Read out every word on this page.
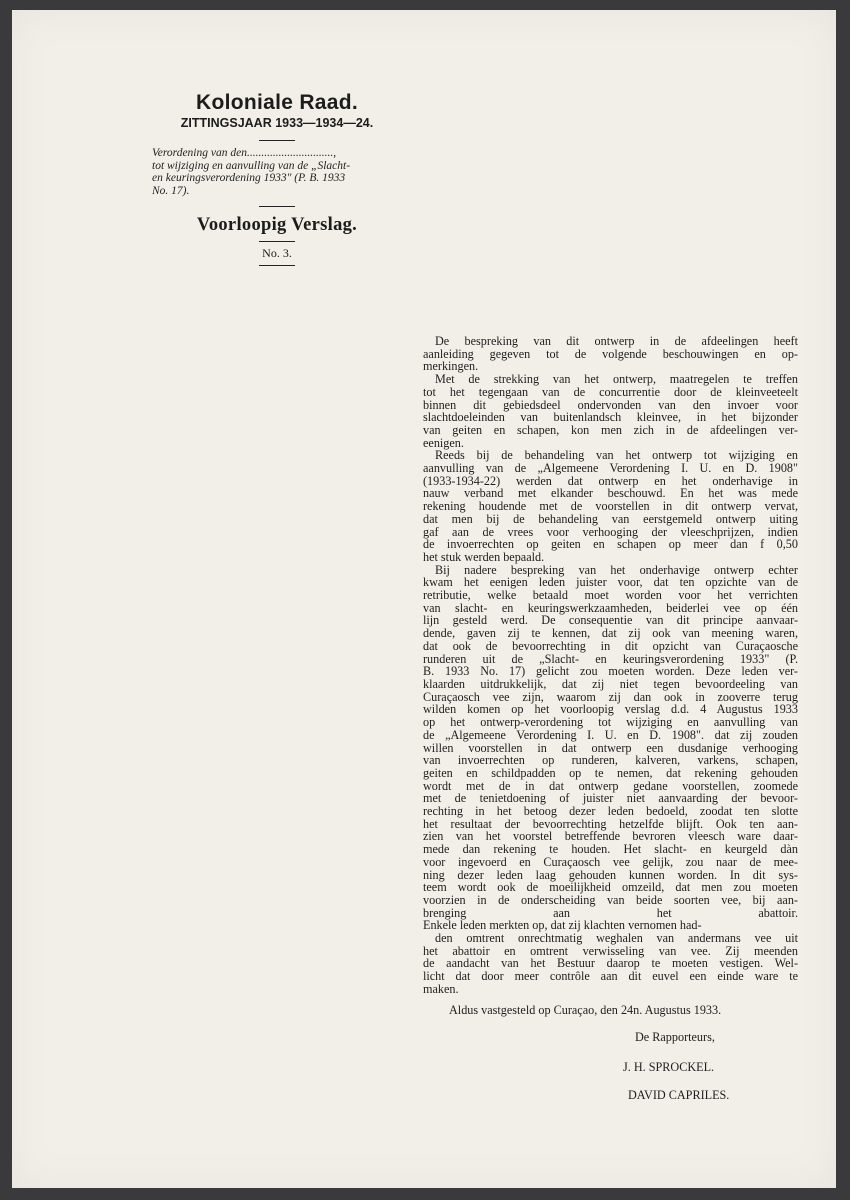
Koloniale Raad.
ZITTINGSJAAR 1933—1934—24.
Verordening van den..............................,
tot wijziging en aanvulling van de „Slacht-
en keuringsverordening 1933" (P. B. 1933
No. 17).
Voorloopig Verslag.
No. 3.
De bespreking van dit ontwerp in de afdeelingen heeft
aanleiding gegeven tot de volgende beschouwingen en op-
merkingen.
Met de strekking van het ontwerp, maatregelen te treffen
tot het tegengaan van de concurrentie door de kleinveeteelt
binnen dit gebiedsdeel ondervonden van den invoer voor
slachtdoeleinden van buitenlandsch kleinvee, in het bijzonder
van geiten en schapen, kon men zich in de afdeelingen ver-
eenigen.
Reeds bij de behandeling van het ontwerp tot wijziging en
aanvulling van de „Algemeene Verordening I. U. en D. 1908"
(1933-1934-22) werden dat ontwerp en het onderhavige in
nauw verband met elkander beschouwd. En het was mede
rekening houdende met de voorstellen in dit ontwerp vervat,
dat men bij de behandeling van eerstgemeld ontwerp uiting
gaf aan de vrees voor verhooging der vleeschprijzen, indien
de invoerrechten op geiten en schapen op meer dan f 0,50
het stuk werden bepaald.
Bij nadere bespreking van het onderhavige ontwerp echter
kwam het eenigen leden juister voor, dat ten opzichte van de
retributie, welke betaald moet worden voor het verrichten
van slacht- en keuringswerkzaamheden, beiderlei vee op één
lijn gesteld werd. De consequentie van dit principe aanvaar-
dende, gaven zij te kennen, dat zij ook van meening waren,
dat ook de bevoorrechting in dit opzicht van Curaçaosche
runderen uit de „Slacht- en keuringsverordening 1933" (P.
B. 1933 No. 17) gelicht zou moeten worden. Deze leden ver-
klaarden uitdrukkelijk, dat zij niet tegen bevoordeeling van
Curaçaosch vee zijn, waarom zij dan ook in zooverre terug
wilden komen op het voorloopig verslag d.d. 4 Augustus 1933
op het ontwerp-verordening tot wijziging en aanvulling van
de „Algemeene Verordening I. U. en D. 1908". dat zij zouden
willen voorstellen in dat ontwerp een dusdanige verhooging
van invoerrechten op runderen, kalveren, varkens, schapen,
geiten en schildpadden op te nemen, dat rekening gehouden
wordt met de in dat ontwerp gedane voorstellen, zoomede
met de tenietdoening of juister niet aanvaarding der bevoor-
rechting in het betoog dezer leden bedoeld, zoodat ten slotte
het resultaat der bevoorrechting hetzelfde blijft. Ook ten aan-
zien van het voorstel betreffende bevroren vleesch ware daar-
mede dan rekening te houden. Het slacht- en keurgeld dàn
voor ingevoerd en Curaçaosch vee gelijk, zou naar de mee-
ning dezer leden laag gehouden kunnen worden. In dit sys-
teem wordt ook de moeilijkheid omzeild, dat men zou moeten
voorzien in de onderscheiding van beide soorten vee, bij aan-
brenging aan het abattoir.
Enkele leden merkten op, dat zij klachten vernomen had-
den omtrent onrechtmatig weghalen van andermans vee uit
het abattoir en omtrent verwisseling van vee. Zij meenden
de aandacht van het Bestuur daarop te moeten vestigen. Wel-
licht dat door meer contrôle aan dit euvel een einde ware te
maken.
Aldus vastgesteld op Curaçao, den 24n. Augustus 1933.
De Rapporteurs,
J. H. SPROCKEL.
DAVID CAPRILES.
